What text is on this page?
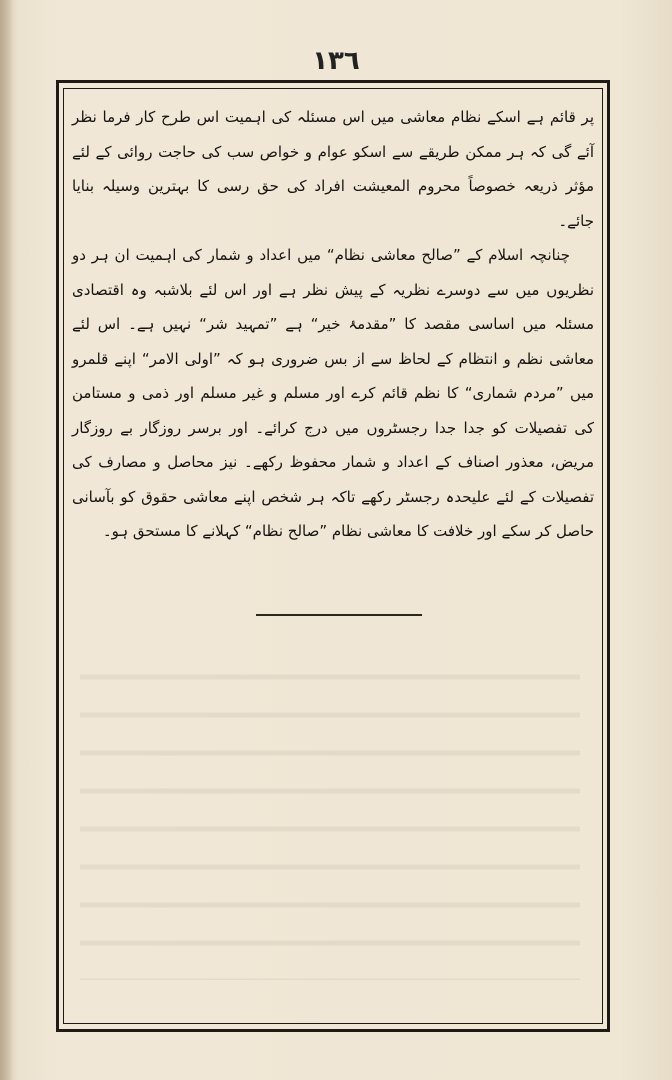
١٣٦

پر قائم ہے اسکے نظام معاشی میں اس مسئلہ کی اہمیت اس طرح کار فرما نظر آئے گی کہ ہر ممکن طریقے سے اسکو عوام و خواص سب کی حاجت روائی کے لئے مؤثر ذریعہ خصوصاً محروم المعیشت افراد کی حق رسی کا بہترین وسیلہ بنایا جائے۔

چنانچہ اسلام کے ”صالح معاشی نظام“ میں اعداد و شمار کی اہمیت ان ہر دو نظریوں میں سے دوسرے نظریہ کے پیش نظر ہے اور اس لئے بلاشبہ وہ اقتصادی مسئلہ میں اساسی مقصد کا ”مقدمۂ خیر“ ہے ”تمہید شر“ نہیں ہے۔ اس لئے معاشی نظم و انتظام کے لحاظ سے از بس ضروری ہو کہ ”اولی الامر“ اپنے قلمرو میں ”مردم شماری“ کا نظم قائم کرے اور مسلم و غیر مسلم اور ذمی و مستامن کی تفصیلات کو جدا جدا رجسٹروں میں درج کرائے۔ اور برسر روزگار بے روزگار مریض، معذور اصناف کے اعداد و شمار محفوظ رکھے۔ نیز محاصل و مصارف کی تفصیلات کے لئے علیحدہ رجسٹر رکھے تاکہ ہر شخص اپنے معاشی حقوق کو بآسانی حاصل کر سکے اور خلافت کا معاشی نظام ”صالح نظام“ کہلانے کا مستحق ہو۔
